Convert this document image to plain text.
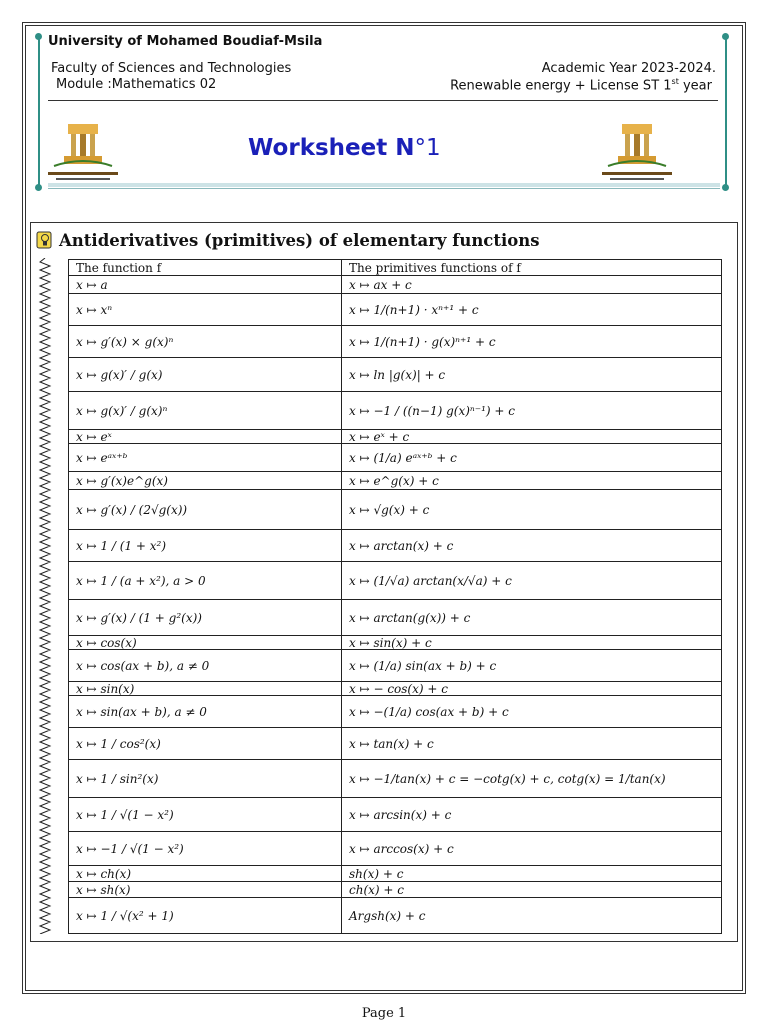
University of Mohamed Boudiaf-Msila
Faculty of Sciences and Technologies
Module :Mathematics 02
Academic Year 2023-2024.
Renewable energy + License ST 1st year
Worksheet N°1
Antiderivatives (primitives) of elementary functions
The function f	The primitives functions of f
x ↦ a	x ↦ ax + c
x ↦ xⁿ	x ↦ 1/(n+1) · xⁿ⁺¹ + c
x ↦ g′(x) × g(x)ⁿ	x ↦ 1/(n+1) · g(x)ⁿ⁺¹ + c
x ↦ g(x)′ / g(x)	x ↦ ln |g(x)| + c
x ↦ g(x)′ / g(x)ⁿ	x ↦ −1 / ((n−1) g(x)ⁿ⁻¹) + c
x ↦ eˣ	x ↦ eˣ + c
x ↦ eᵃˣ⁺ᵇ	x ↦ (1/a) eᵃˣ⁺ᵇ + c
x ↦ g′(x)e^g(x)	x ↦ e^g(x) + c
x ↦ g′(x) / (2√g(x))	x ↦ √g(x) + c
x ↦ 1 / (1 + x²)	x ↦ arctan(x) + c
x ↦ 1 / (a + x²), a > 0	x ↦ (1/√a) arctan(x/√a) + c
x ↦ g′(x) / (1 + g²(x))	x ↦ arctan(g(x)) + c
x ↦ cos(x)	x ↦ sin(x) + c
x ↦ cos(ax + b), a ≠ 0	x ↦ (1/a) sin(ax + b) + c
x ↦ sin(x)	x ↦ − cos(x) + c
x ↦ sin(ax + b), a ≠ 0	x ↦ −(1/a) cos(ax + b) + c
x ↦ 1 / cos²(x)	x ↦ tan(x) + c
x ↦ 1 / sin²(x)	x ↦ −1/tan(x) + c = −cotg(x) + c, cotg(x) = 1/tan(x)
x ↦ 1 / √(1 − x²)	x ↦ arcsin(x) + c
x ↦ −1 / √(1 − x²)	x ↦ arccos(x) + c
x ↦ ch(x)	sh(x) + c
x ↦ sh(x)	ch(x) + c
x ↦ 1 / √(x² + 1)	Argsh(x) + c
Page 1
